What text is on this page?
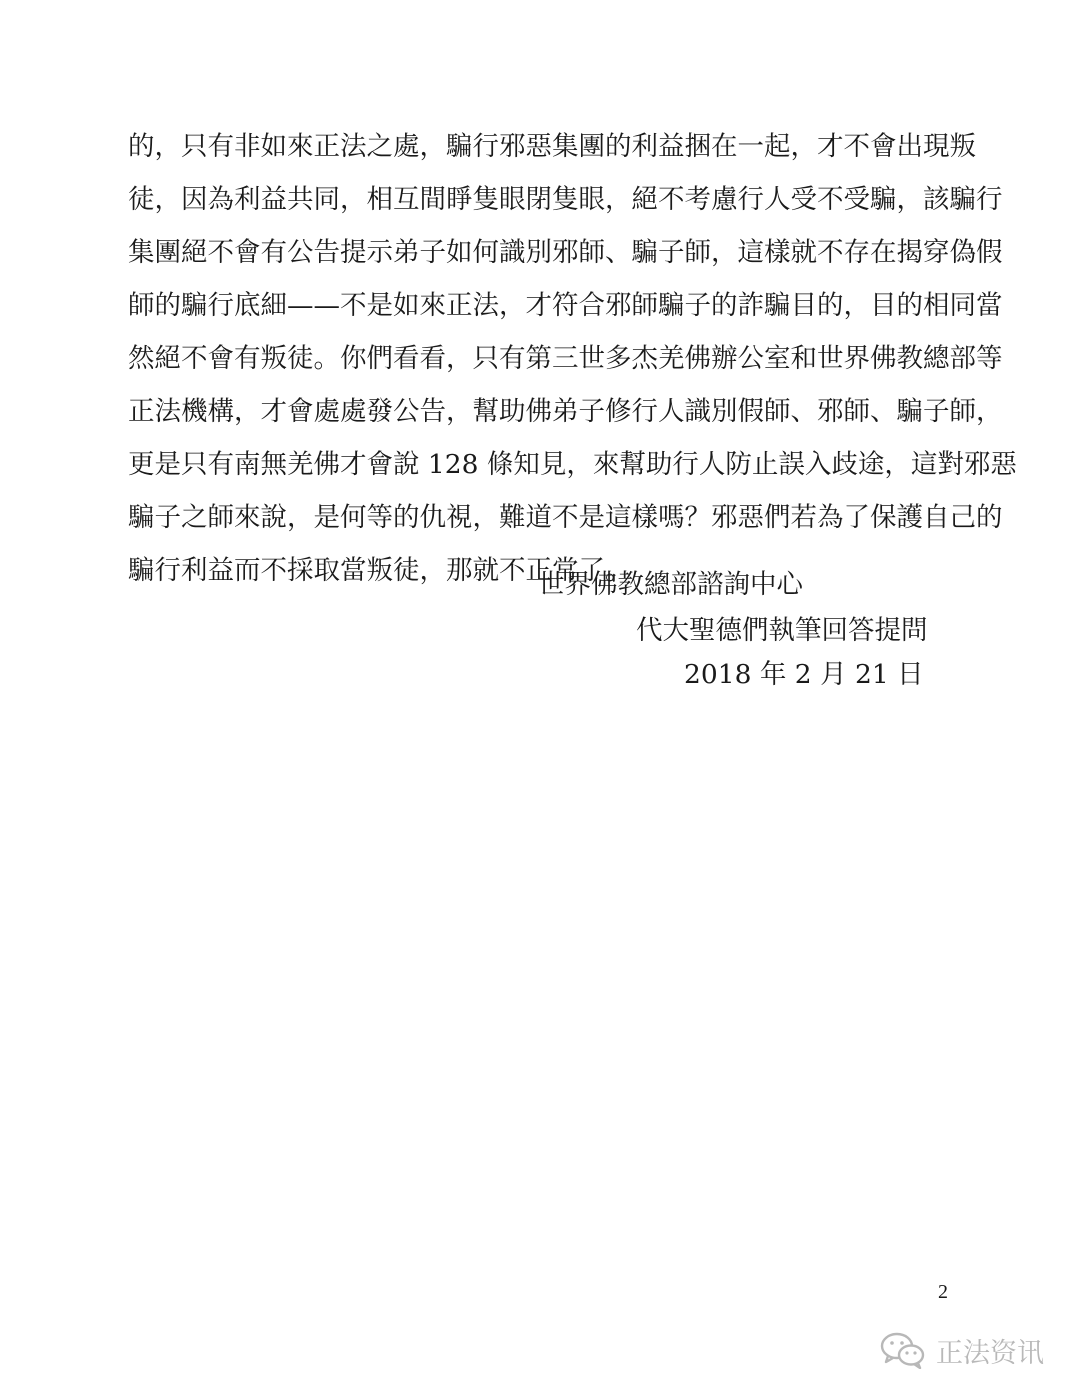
的，只有非如來正法之處，騙行邪惡集團的利益捆在一起，才不會出現叛
徒，因為利益共同，相互間睜隻眼閉隻眼，絕不考慮行人受不受騙，該騙行
集團絕不會有公告提示弟子如何識別邪師、騙子師，這樣就不存在揭穿偽假
師的騙行底細——不是如來正法，才符合邪師騙子的詐騙目的，目的相同當
然絕不會有叛徒。你們看看，只有第三世多杰羌佛辦公室和世界佛教總部等
正法機構，才會處處發公告，幫助佛弟子修行人識別假師、邪師、騙子師，
更是只有南無羌佛才會說 128 條知見，來幫助行人防止誤入歧途，這對邪惡
騙子之師來說，是何等的仇視，難道不是這樣嗎？邪惡們若為了保護自己的
騙行利益而不採取當叛徒，那就不正常了。
世界佛教總部諮詢中心
代大聖德們執筆回答提問
2018 年 2 月 21 日
2
正法资讯
